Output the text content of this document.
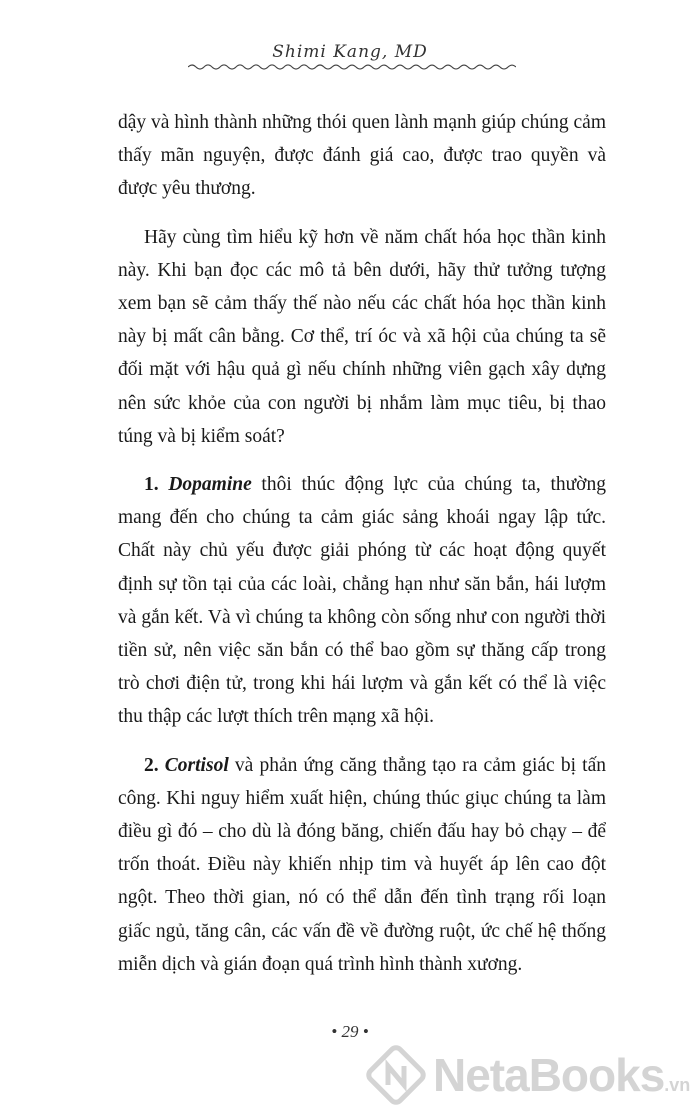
Shimi Kang, MD

dậy và hình thành những thói quen lành mạnh giúp chúng cảm thấy mãn nguyện, được đánh giá cao, được trao quyền và được yêu thương.

Hãy cùng tìm hiểu kỹ hơn về năm chất hóa học thần kinh này. Khi bạn đọc các mô tả bên dưới, hãy thử tưởng tượng xem bạn sẽ cảm thấy thế nào nếu các chất hóa học thần kinh này bị mất cân bằng. Cơ thể, trí óc và xã hội của chúng ta sẽ đối mặt với hậu quả gì nếu chính những viên gạch xây dựng nên sức khỏe của con người bị nhắm làm mục tiêu, bị thao túng và bị kiểm soát?

1. Dopamine thôi thúc động lực của chúng ta, thường mang đến cho chúng ta cảm giác sảng khoái ngay lập tức. Chất này chủ yếu được giải phóng từ các hoạt động quyết định sự tồn tại của các loài, chẳng hạn như săn bắn, hái lượm và gắn kết. Và vì chúng ta không còn sống như con người thời tiền sử, nên việc săn bắn có thể bao gồm sự thăng cấp trong trò chơi điện tử, trong khi hái lượm và gắn kết có thể là việc thu thập các lượt thích trên mạng xã hội.

2. Cortisol và phản ứng căng thẳng tạo ra cảm giác bị tấn công. Khi nguy hiểm xuất hiện, chúng thúc giục chúng ta làm điều gì đó – cho dù là đóng băng, chiến đấu hay bỏ chạy – để trốn thoát. Điều này khiến nhịp tim và huyết áp lên cao đột ngột. Theo thời gian, nó có thể dẫn đến tình trạng rối loạn giấc ngủ, tăng cân, các vấn đề về đường ruột, ức chế hệ thống miễn dịch và gián đoạn quá trình hình thành xương.

• 29 •
NetaBooks .vn
